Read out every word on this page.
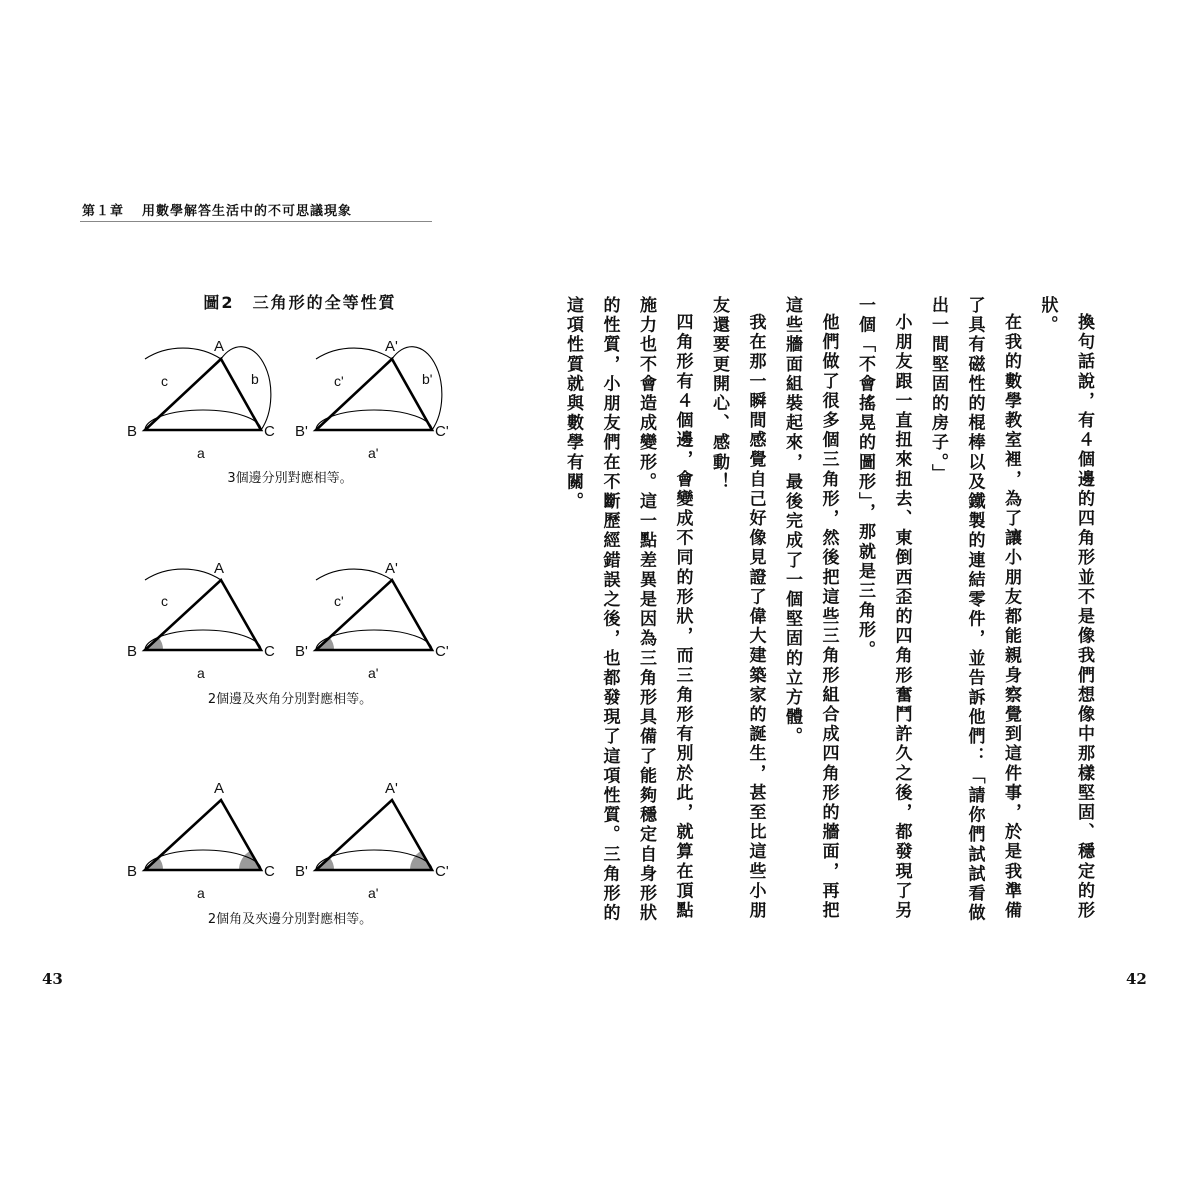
第１章 用數學解答生活中的不可思議現象
圖2 三角形的全等性質
A
B	C
c	b
a
A'
B'	C'
c'	b'
a'
A
B	C
c
a
A'
B'	C'
c'
a'
A
B	C
a
A'
B'	C'
a'
3個邊分別對應相等。
2個邊及夾角分別對應相等。
2個角及夾邊分別對應相等。
43

換句話說，有４個邊的四角形並不是像我們想像中那樣堅固、穩定的形狀。

在我的數學教室裡，為了讓小朋友都能親身察覺到這件事，於是我準備了具有磁性的棍棒以及鐵製的連結零件，並告訴他們：「請你們試試看做出一間堅固的房子。」

小朋友跟一直扭來扭去、東倒西歪的四角形奮鬥許久之後，都發現了另一個「不會搖晃的圖形」，那就是三角形。

他們做了很多個三角形，然後把這些三角形組合成四角形的牆面，再把這些牆面組裝起來，最後完成了一個堅固的立方體。

我在那一瞬間感覺自己好像見證了偉大建築家的誕生，甚至比這些小朋友還要更開心、感動！

四角形有４個邊，會變成不同的形狀，而三角形有別於此，就算在頂點施力也不會造成變形。這一點差異是因為三角形具備了能夠穩定自身形狀的性質，小朋友們在不斷歷經錯誤之後，也都發現了這項性質。三角形的這項性質就與數學有關。

42
